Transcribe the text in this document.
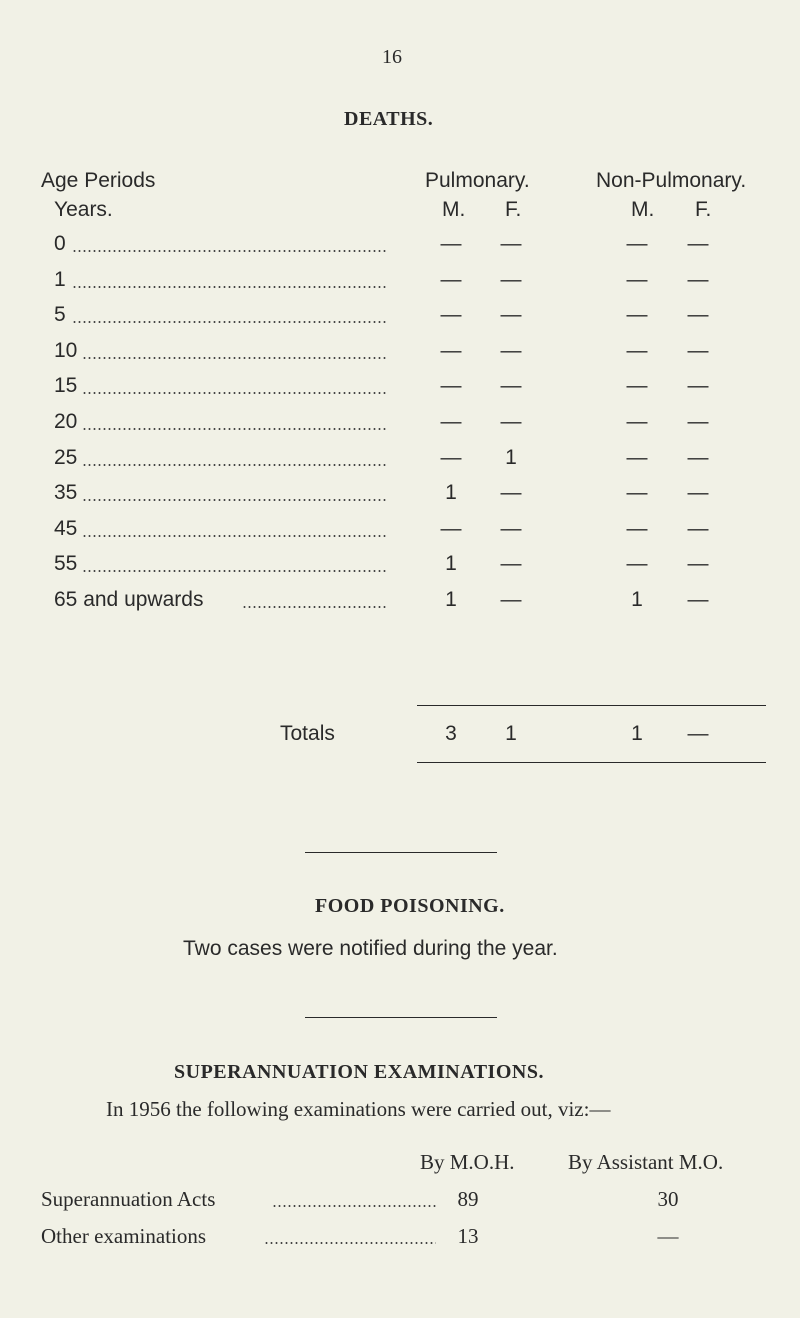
16
DEATHS.
Age Periods
Years.
Pulmonary.	Non-Pulmonary.
M. F.	M. F.
0	— —	— —
1	— —	— —
5	— —	— —
10	— —	— —
15	— —	— —
20	— —	— —
25	—	1	— —
35	1	—	— —
45	— —	— —
55	1	—	— —
65 and upwards	1	—	1	—
Totals	3	1	1	—
FOOD POISONING.
Two cases were notified during the year.
SUPERANNUATION EXAMINATIONS.
In 1956 the following examinations were carried out, viz:—
By M.O.H.	By Assistant M.O.
Superannuation Acts	89	30
Other examinations	13	—
